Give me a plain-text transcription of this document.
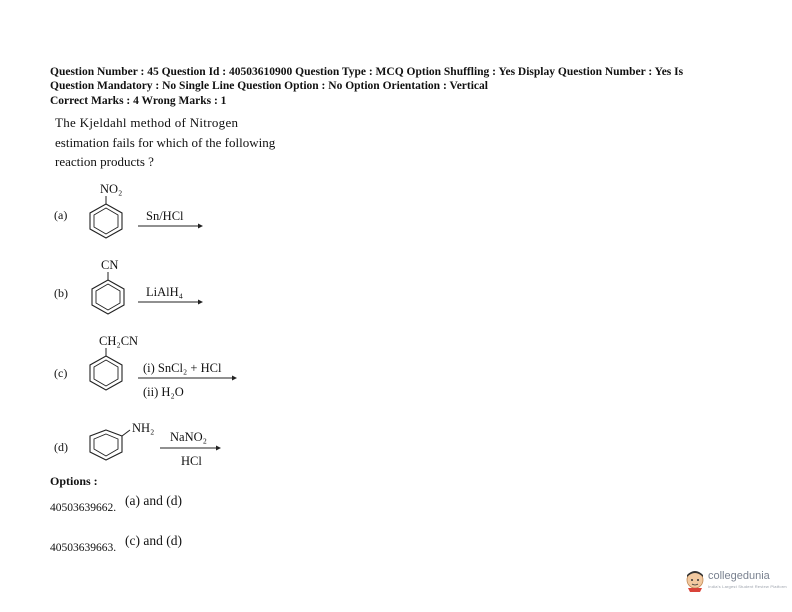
Question Number : 45 Question Id : 40503610900 Question Type : MCQ Option Shuffling : Yes Display Question Number : Yes Is
Question Mandatory : No Single Line Question Option : No Option Orientation : Vertical
Correct Marks : 4 Wrong Marks : 1
The Kjeldahl method of Nitrogen
estimation fails for which of the following
reaction products ?
(a)
NO₂
Sn/HCl
(b)
CN
LiAlH₄
(c)
CH₂CN
(i) SnCl₂ + HCl
(ii) H₂O
(d)
NH₂
NaNO₂
HCl
Options :
40503639662. (a) and (d)
40503639663. (c) and (d)
collegedunia
India's Largest Student Review Platform
